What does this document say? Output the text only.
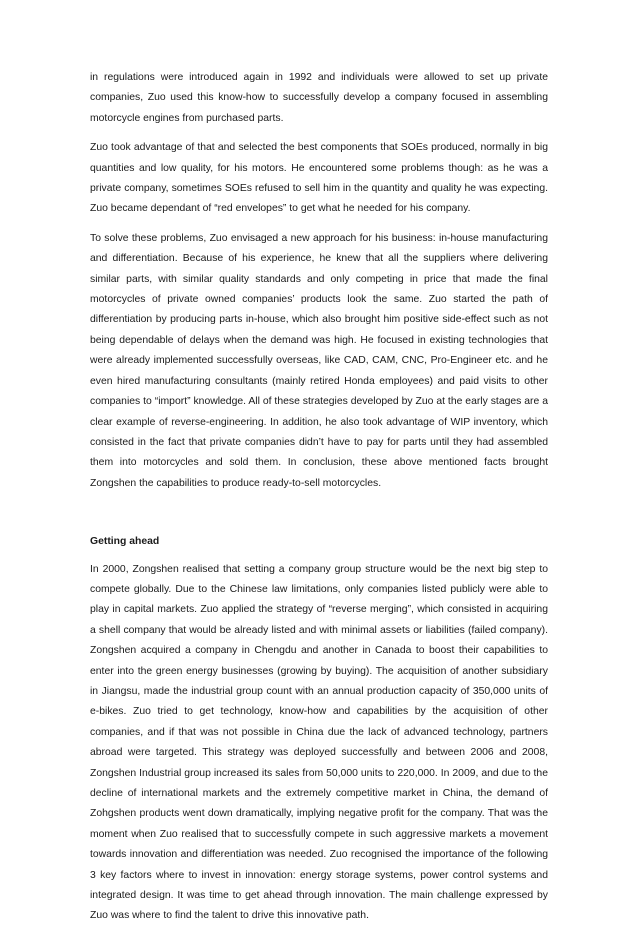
in regulations were introduced again in 1992 and individuals were allowed to set up private companies, Zuo used this know-how to successfully develop a company focused in assembling motorcycle engines from purchased parts.

Zuo took advantage of that and selected the best components that SOEs produced, normally in big quantities and low quality, for his motors. He encountered some problems though: as he was a private company, sometimes SOEs refused to sell him in the quantity and quality he was expecting. Zuo became dependant of “red envelopes” to get what he needed for his company.

To solve these problems, Zuo envisaged a new approach for his business: in-house manufacturing and differentiation. Because of his experience, he knew that all the suppliers where delivering similar parts, with similar quality standards and only competing in price that made the final motorcycles of private owned companies’ products look the same. Zuo started the path of differentiation by producing parts in-house, which also brought him positive side-effect such as not being dependable of delays when the demand was high. He focused in existing technologies that were already implemented successfully overseas, like CAD, CAM, CNC, Pro-Engineer etc. and he even hired manufacturing consultants (mainly retired Honda employees) and paid visits to other companies to “import” knowledge. All of these strategies developed by Zuo at the early stages are a clear example of reverse-engineering. In addition, he also took advantage of WIP inventory, which consisted in the fact that private companies didn’t have to pay for parts until they had assembled them into motorcycles and sold them. In conclusion, these above mentioned facts brought Zongshen the capabilities to produce ready-to-sell motorcycles.

Getting ahead

In 2000, Zongshen realised that setting a company group structure would be the next big step to compete globally. Due to the Chinese law limitations, only companies listed publicly were able to play in capital markets. Zuo applied the strategy of “reverse merging”, which consisted in acquiring a shell company that would be already listed and with minimal assets or liabilities (failed company). Zongshen acquired a company in Chengdu and another in Canada to boost their capabilities to enter into the green energy businesses (growing by buying). The acquisition of another subsidiary in Jiangsu, made the industrial group count with an annual production capacity of 350,000 units of e-bikes. Zuo tried to get technology, know-how and capabilities by the acquisition of other companies, and if that was not possible in China due the lack of advanced technology, partners abroad were targeted. This strategy was deployed successfully and between 2006 and 2008, Zongshen Industrial group increased its sales from 50,000 units to 220,000. In 2009, and due to the decline of international markets and the extremely competitive market in China, the demand of Zohgshen products went down dramatically, implying negative profit for the company. That was the moment when Zuo realised that to successfully compete in such aggressive markets a movement towards innovation and differentiation was needed. Zuo recognised the importance of the following 3 key factors where to invest in innovation: energy storage systems, power control systems and integrated design. It was time to get ahead through innovation. The main challenge expressed by Zuo was where to find the talent to drive this innovative path.
